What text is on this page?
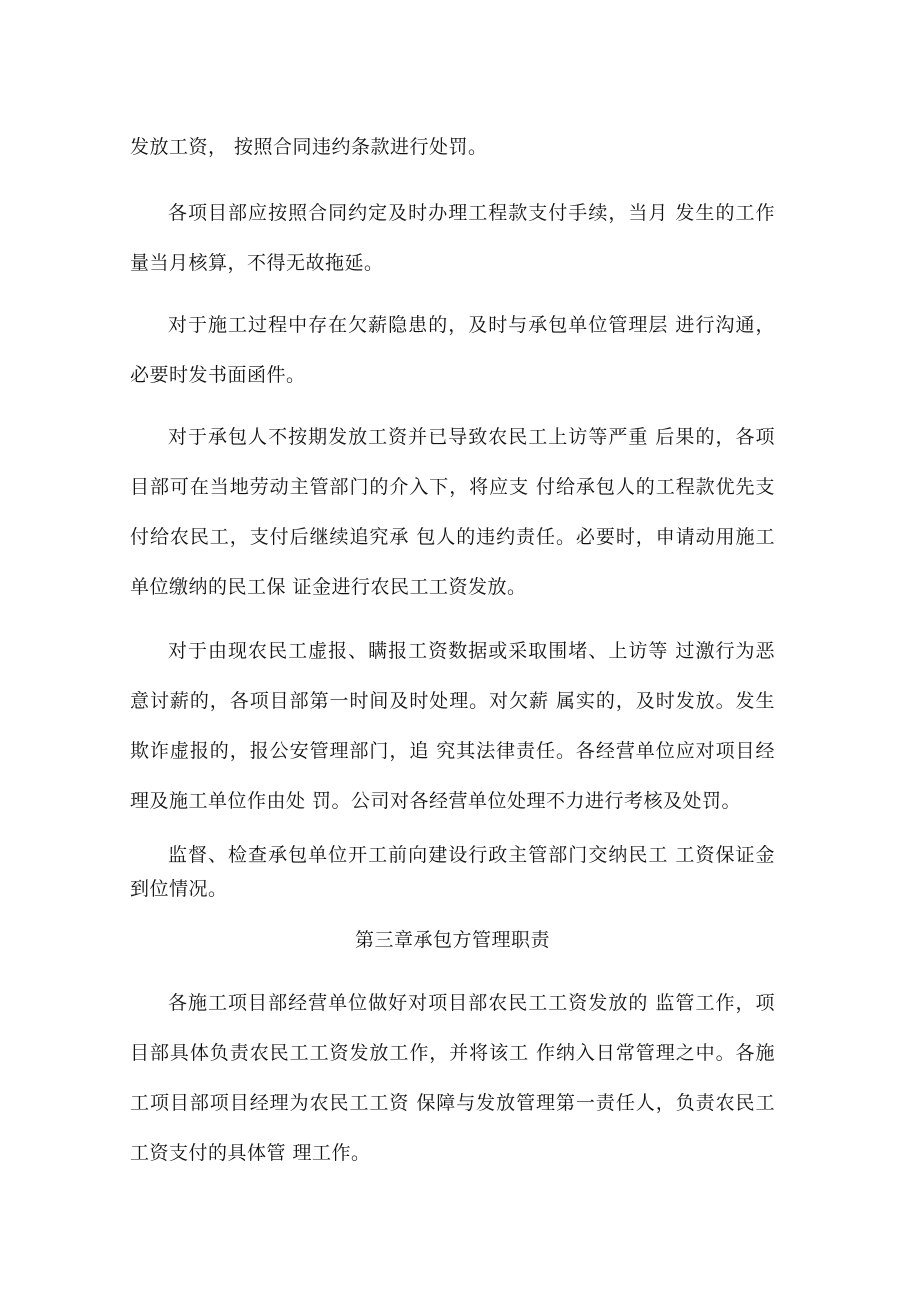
发放工资， 按照合同违约条款进行处罚。

各项目部应按照合同约定及时办理工程款支付手续，当月 发生的工作量当月核算，不得无故拖延。

对于施工过程中存在欠薪隐患的，及时与承包单位管理层 进行沟通，必要时发书面函件。

对于承包人不按期发放工资并已导致农民工上访等严重 后果的，各项目部可在当地劳动主管部门的介入下，将应支 付给承包人的工程款优先支付给农民工，支付后继续追究承 包人的违约责任。必要时，申请动用施工单位缴纳的民工保 证金进行农民工工资发放。

对于由现农民工虚报、瞒报工资数据或采取围堵、上访等 过激行为恶意讨薪的，各项目部第一时间及时处理。对欠薪 属实的，及时发放。发生欺诈虚报的，报公安管理部门，追 究其法律责任。各经营单位应对项目经理及施工单位作由处 罚。公司对各经营单位处理不力进行考核及处罚。

监督、检查承包单位开工前向建设行政主管部门交纳民工 工资保证金到位情况。

第三章承包方管理职责

各施工项目部经营单位做好对项目部农民工工资发放的 监管工作，项目部具体负责农民工工资发放工作，并将该工 作纳入日常管理之中。各施工项目部项目经理为农民工工资 保障与发放管理第一责任人，负责农民工工资支付的具体管 理工作。
